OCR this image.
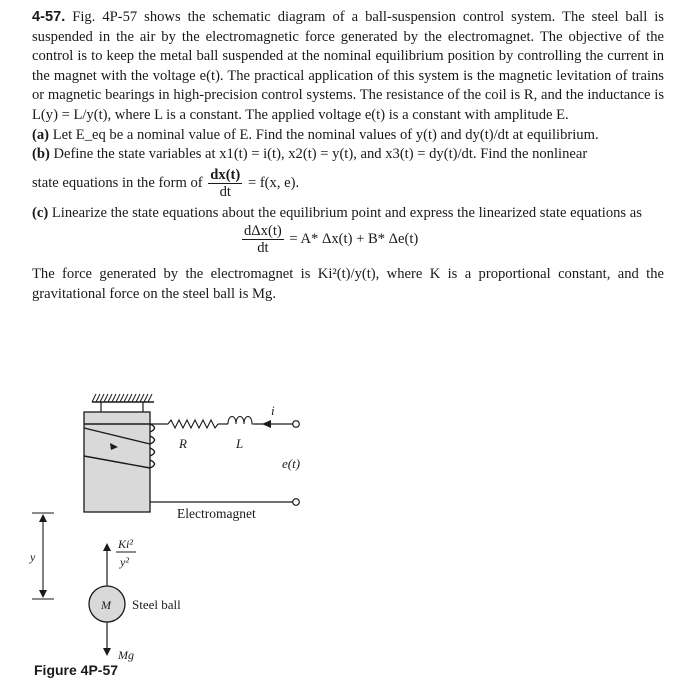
4-57. Fig. 4P-57 shows the schematic diagram of a ball-suspension control system. The steel ball is suspended in the air by the electromagnetic force generated by the electromagnet. The objective of the control is to keep the metal ball suspended at the nominal equilibrium position by controlling the current in the magnet with the voltage e(t). The practical application of this system is the magnetic levitation of trains or magnetic bearings in high-precision control systems. The resistance of the coil is R, and the inductance is L(y) = L/y(t), where L is a constant. The applied voltage e(t) is a constant with amplitude E.

(a) Let E_eq be a nominal value of E. Find the nominal values of y(t) and dy(t)/dt at equilibrium.

(b) Define the state variables at x1(t) = i(t), x2(t) = y(t), and x3(t) = dy(t)/dt. Find the nonlinear

state equations in the form of $\frac{dx(t)}{dt} = f(x$, e).

(c) Linearize the state equations about the equilibrium point and express the linearized state equations as

$\frac{\text{dΔx(t)}}{dt} = A*$ Δx(t) + B* Δe(t)

The force generated by the electromagnet is Ki²(t)/y(t), where K is a proportional constant, and the gravitational force on the steel ball is Mg.

R	L
i
e(t)
Electromagnet
y
Ki²
y²
M Steel ball
Mg
Figure 4P-57
